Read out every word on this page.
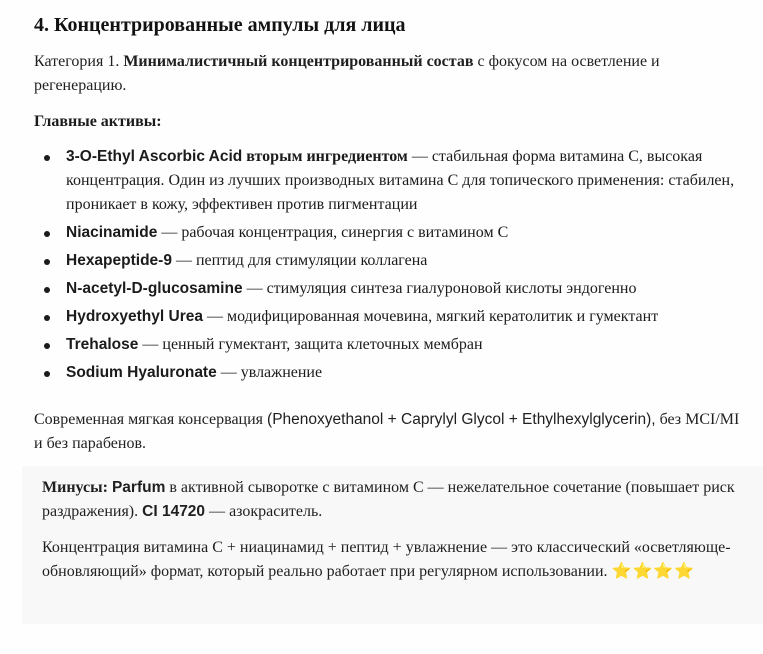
4. Концентрированные ампулы для лица
Категория 1. Минималистичный концентрированный состав с фокусом на осветление и регенерацию.
Главные активы:
3-O-Ethyl Ascorbic Acid вторым ингредиентом — стабильная форма витамина С, высокая концентрация. Один из лучших производных витамина С для топического применения: стабилен, проникает в кожу, эффективен против пигментации
Niacinamide — рабочая концентрация, синергия с витамином С
Hexapeptide-9 — пептид для стимуляции коллагена
N-acetyl-D-glucosamine — стимуляция синтеза гиалуроновой кислоты эндогенно
Hydroxyethyl Urea — модифицированная мочевина, мягкий кератолитик и гумектант
Trehalose — ценный гумектант, защита клеточных мембран
Sodium Hyaluronate — увлажнение
Современная мягкая консервация (Phenoxyethanol + Caprylyl Glycol + Ethylhexylglycerin), без MCI/MI и без парабенов.
Минусы: Parfum в активной сыворотке с витамином С — нежелательное сочетание (повышает риск раздражения). CI 14720 — азокраситель.
Концентрация витамина С + ниацинамид + пептид + увлажнение — это классический «осветляюще-обновляющий» формат, который реально работает при регулярном использовании. ⭐⭐⭐⭐
